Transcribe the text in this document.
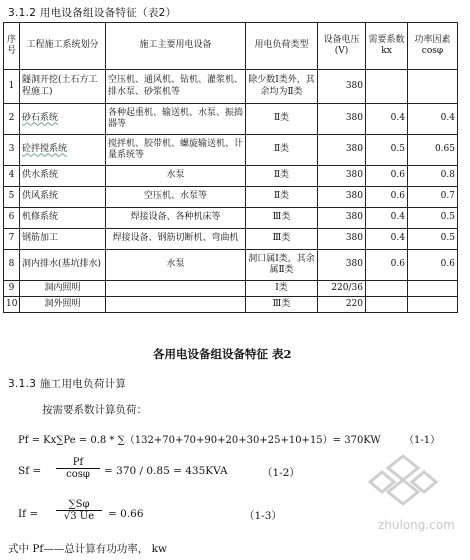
3.1.2 用电设备组设备特征（表2）
序号	工程施工系统划分	施工主要用电设备	用电负荷类型	设备电压(V)	需要系数kx	功率因素cosφ
1	隧洞开挖(土石方工程施工)	空压机、通风机、钻机、灌浆机、排水泵、砂浆机等	除少数Ⅰ类外，其余均为Ⅱ类	380		
2	砂石系统	各种起重机、输送机、水泵、振捣器等	Ⅱ类	380	0.4	0.4
3	砼拌搅系统	搅拌机、胶带机、螺旋输送机、计量系统等	Ⅱ类	380	0.5	0.65
4	供水系统	水泵	Ⅱ类	380	0.6	0.8
5	供风系统	空压机、水泵等	Ⅱ类	380	0.6	0.7
6	机修系统	焊接设备、各种机床等	Ⅲ类	380	0.4	0.5
7	钢筋加工	焊接设备、钢筋切断机、弯曲机	Ⅲ类	380	0.4	0.5
8	洞内排水(基坑排水)	水泵	洞口属Ⅰ类，其余属Ⅱ类	380	0.6	0.6
9	洞内照明		Ⅰ类	220/36		
10	洞外照明		Ⅲ类	220		
各用电设备组设备特征 表2
3.1.3 施工用电负荷计算
按需要系数计算负荷：
Pf = Kx∑Pe = 0.8 * ∑（132+70+70+90+20+30+25+10+15）= 370KW （1-1）
$Sf = \frac{Pf}{\cos\varphi} = 370 / 0.85 = 435KVA$	（1-2）
$If = \frac{\sum S\varphi}{√3 Ue} = 0.66$	（1-3）
式中 Pf——总计算有功功率， kw
zhulong.com
